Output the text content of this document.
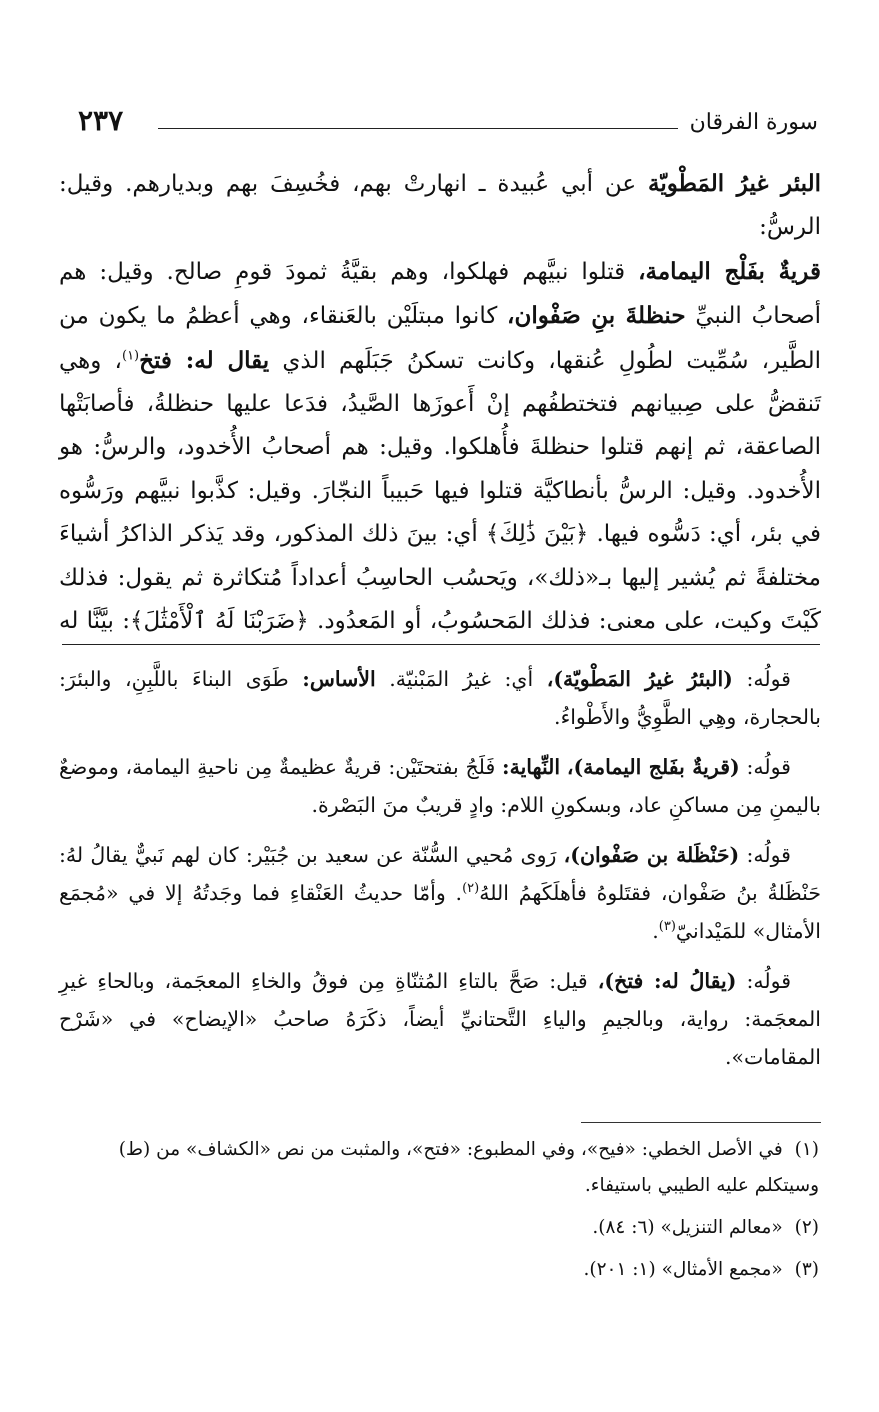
سورة الفرقان
٢٣٧

البئر غيرُ المَطْويّة عن أبي عُبيدة ـ انهارتْ بهم، فخُسِفَ بهم وبديارهم. وقيل: الرسُّ:

قريةٌ بفَلْج اليمامة، قتلوا نبيَّهم فهلكوا، وهم بقيَّةُ ثمودَ قومِ صالح. وقيل: هم

أصحابُ النبيِّ حنظلةَ بنِ صَفْوان، كانوا مبتلَيْن بالعَنقاء، وهي أعظمُ ما يكون من

الطَّير، سُمِّيت لطُولِ عُنقها، وكانت تسكنُ جَبَلَهم الذي يقال له: فتخ$^{(١)}$، وهي

تَنقضُّ على صِبيانهم فتختطفُهم إنْ أَعوزَها الصَّيدُ، فدَعا عليها حنظلةُ، فأصابَتْها

الصاعقة، ثم إنهم قتلوا حنظلةَ فأُهلكوا. وقيل: هم أصحابُ الأُخدود، والرسُّ: هو

الأُخدود. وقيل: الرسُّ بأنطاكيَّة قتلوا فيها حَبيباً النجّارَ. وقيل: كذَّبوا نبيَّهم ورَسُّوه

في بئر، أي: دَسُّوه فيها. ﴿بَيْنَ ذَٰلِكَ﴾ أي: بينَ ذلك المذكور، وقد يَذكر الذاكرُ أشياءَ

مختلفةً ثم يُشير إليها بـ«ذلك»، ويَحسُب الحاسِبُ أعداداً مُتكاثرة ثم يقول: فذلك

كَيْتَ وكيت، على معنى: فذلك المَحسُوبُ، أو المَعدُود. ﴿ضَرَبْنَا لَهُ ٱلْأَمْثَٰلَ﴾: بيَّنَّا له

قولُه: (البئرُ غيرُ المَطْويّة)، أي: غيرُ المَبْنيّة. الأساس: طَوَى البناءَ باللَّبِنِ، والبئرَ: بالحجارة، وهِي الطَّوِيُّ والأَطْواءُ.

قولُه: (قريةٌ بفَلج اليمامة)، النِّهاية: فَلَجُ بفتحتَيْن: قريةٌ عظيمةٌ مِن ناحيةِ اليمامة، وموضعٌ باليمنِ مِن مساكنِ عاد، وبسكونِ اللام: وادٍ قريبٌ منَ البَصْرة.

قولُه: (حَنْظَلة بن صَفْوان)، رَوى مُحيي السُّنّة عن سعيد بن جُبَيْر: كان لهم نَبيٌّ يقالُ لهُ: حَنْظَلةُ بنُ صَفْوان، فقتَلوهُ فأهلَكَهمُ اللهُ$^{(٢)}$. وأمّا حديثُ العَنْقاءِ فما وجَدتُهُ إلا في «مُجمَع الأمثال» للمَيْدانيّ$^{(٣)}$.

قولُه: (يقالُ له: فتخ)، قيل: صَحَّ بالتاءِ المُثنّاةِ مِن فوقُ والخاءِ المعجَمة، وبالحاءِ غيرِ المعجَمة: رواية، وبالجيمِ والياءِ التَّحتانيِّ أيضاً، ذكَرَهُ صاحبُ «الإيضاح» في «شَرْح المقامات».

(١) في الأصل الخطي: «فيح»، وفي المطبوع: «فتح»، والمثبت من نص «الكشاف» من (ط) وسيتكلم عليه الطيبي باستيفاء.

(٢) «معالم التنزيل» (٦: ٨٤).

(٣) «مجمع الأمثال» (١: ٢٠١).
